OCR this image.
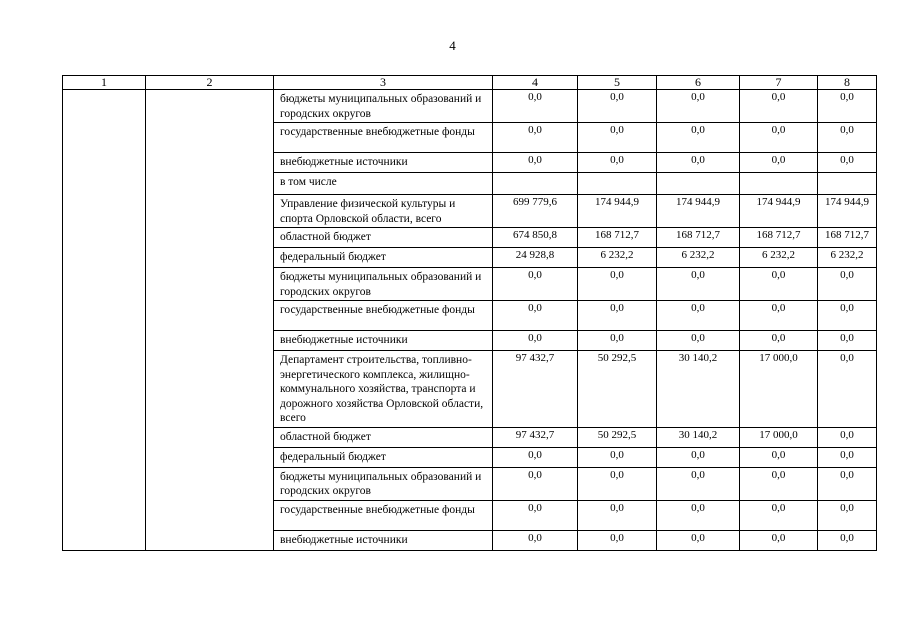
4
1	2	3	4	5	6	7	8
		бюджеты муниципальных образований и городских округов	0,0	0,0	0,0	0,0	0,0
		государственные внебюджетные фонды	0,0	0,0	0,0	0,0	0,0
		внебюджетные источники	0,0	0,0	0,0	0,0	0,0
		в том числе					
		Управление физической культуры и спорта Орловской области, всего	699 779,6	174 944,9	174 944,9	174 944,9	174 944,9
		областной бюджет	674 850,8	168 712,7	168 712,7	168 712,7	168 712,7
		федеральный бюджет	24 928,8	6 232,2	6 232,2	6 232,2	6 232,2
		бюджеты муниципальных образований и городских округов	0,0	0,0	0,0	0,0	0,0
		государственные внебюджетные фонды	0,0	0,0	0,0	0,0	0,0
		внебюджетные источники	0,0	0,0	0,0	0,0	0,0
		Департамент строительства, топливно-энергетического комплекса, жилищно-коммунального хозяйства, транспорта и дорожного хозяйства Орловской области, всего	97 432,7	50 292,5	30 140,2	17 000,0	0,0
		областной бюджет	97 432,7	50 292,5	30 140,2	17 000,0	0,0
		федеральный бюджет	0,0	0,0	0,0	0,0	0,0
		бюджеты муниципальных образований и городских округов	0,0	0,0	0,0	0,0	0,0
		государственные внебюджетные фонды	0,0	0,0	0,0	0,0	0,0
		внебюджетные источники	0,0	0,0	0,0	0,0	0,0
